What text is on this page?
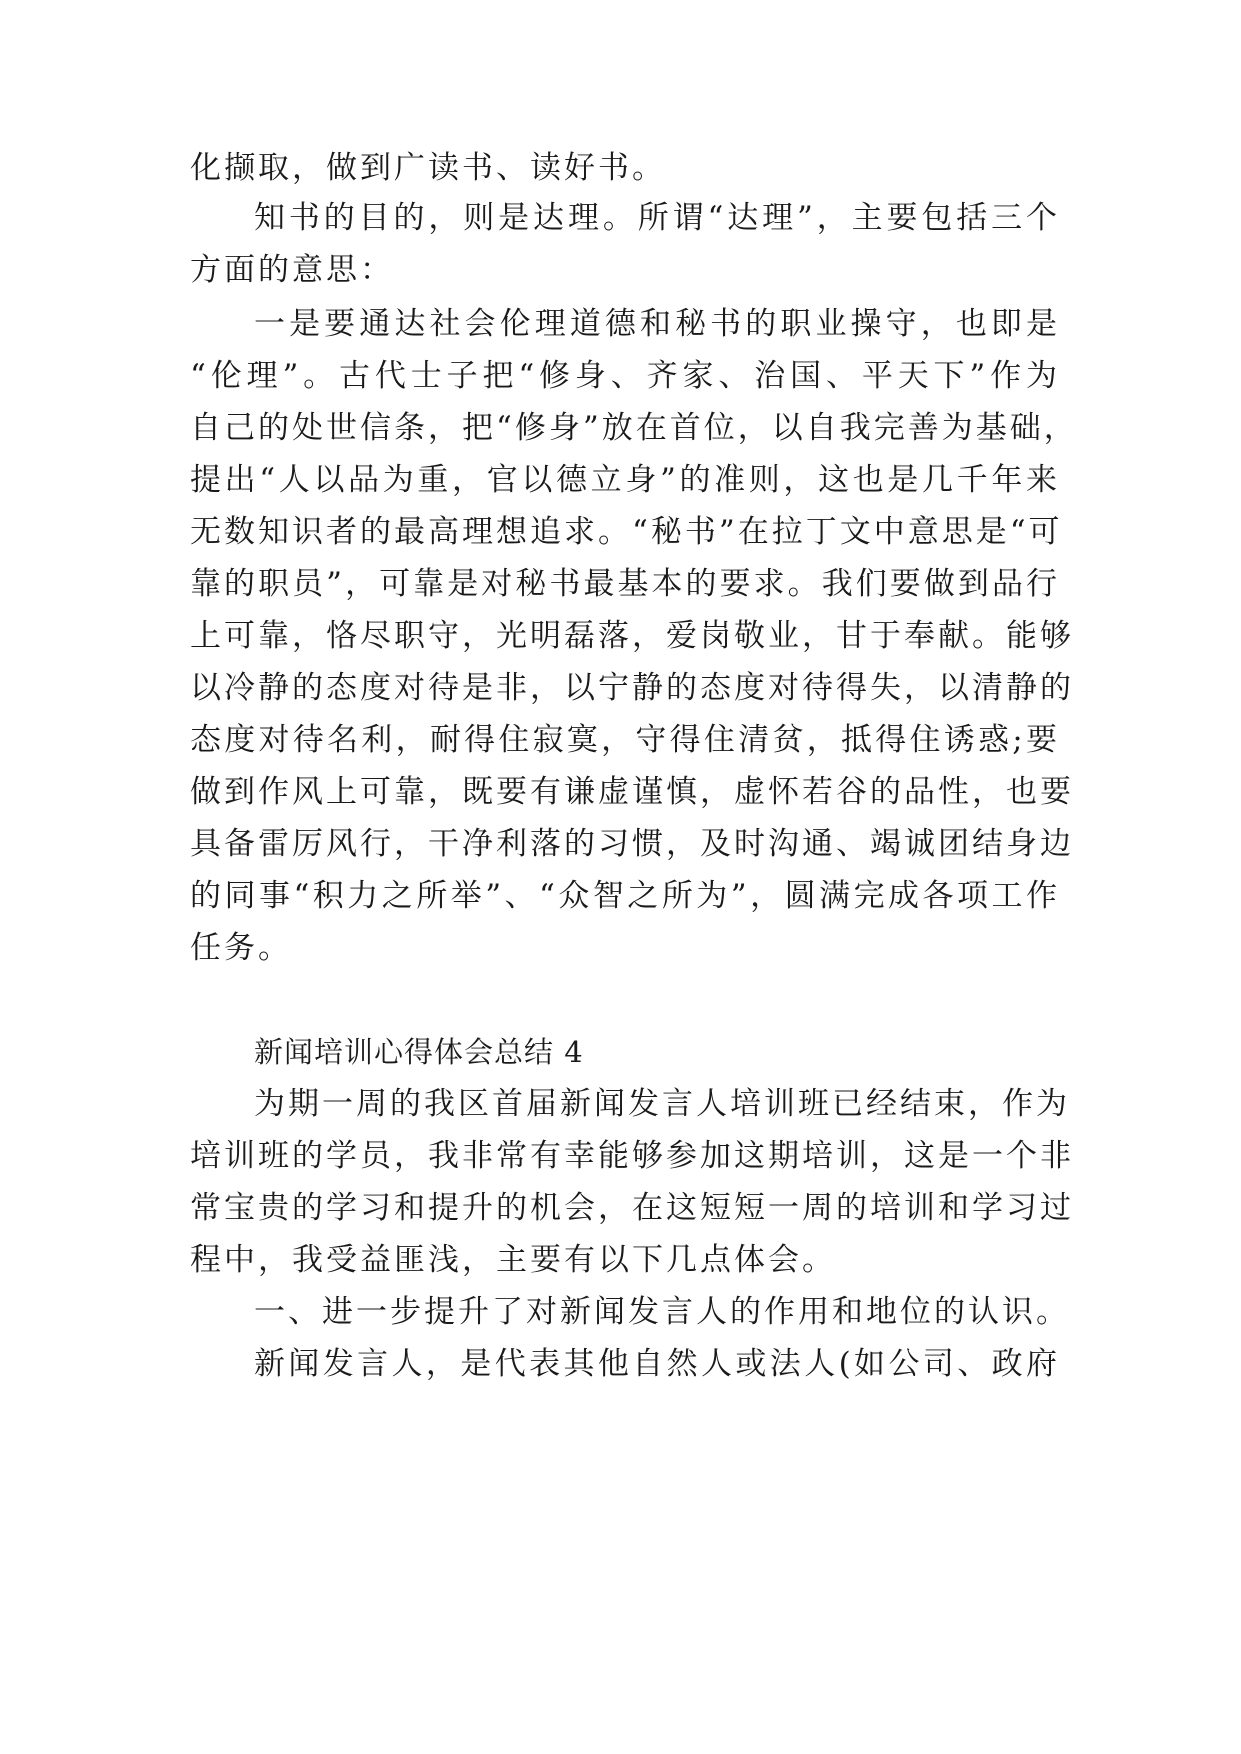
化撷取，做到广读书、读好书。
知书的目的，则是达理。所谓“达理”，主要包括三个
方面的意思：
一是要通达社会伦理道德和秘书的职业操守，也即是
“伦理”。古代士子把“修身、齐家、治国、平天下”作为
自己的处世信条，把“修身”放在首位，以自我完善为基础，
提出“人以品为重，官以德立身”的准则，这也是几千年来
无数知识者的最高理想追求。“秘书”在拉丁文中意思是“可
靠的职员”，可靠是对秘书最基本的要求。我们要做到品行
上可靠，恪尽职守，光明磊落，爱岗敬业，甘于奉献。能够
以冷静的态度对待是非，以宁静的态度对待得失，以清静的
态度对待名利，耐得住寂寞，守得住清贫，抵得住诱惑;要
做到作风上可靠，既要有谦虚谨慎，虚怀若谷的品性，也要
具备雷厉风行，干净利落的习惯，及时沟通、竭诚团结身边
的同事“积力之所举”、“众智之所为”，圆满完成各项工作
任务。
新闻培训心得体会总结 4
为期一周的我区首届新闻发言人培训班已经结束，作为
培训班的学员，我非常有幸能够参加这期培训，这是一个非
常宝贵的学习和提升的机会，在这短短一周的培训和学习过
程中，我受益匪浅，主要有以下几点体会。
一、进一步提升了对新闻发言人的作用和地位的认识。
新闻发言人，是代表其他自然人或法人(如公司、政府
